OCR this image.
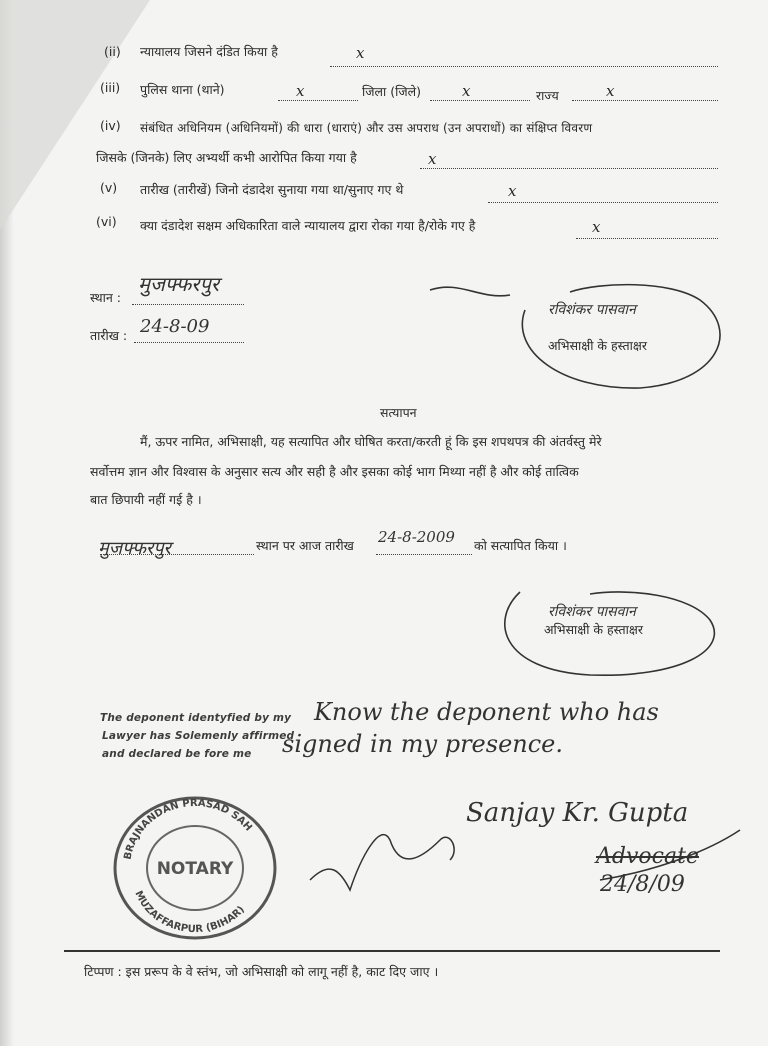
(ii) न्यायालय जिसने दंडित किया है	x
(iii) पुलिस थाना (थाने)	x	जिला (जिले)	x	राज्य	x
(iv) संबंधित अधिनियम (अधिनियमों) की धारा (धाराएं) और उस अपराध (उन अपराधों) का संक्षिप्त विवरण
जिसके (जिनके) लिए अभ्यर्थी कभी आरोपित किया गया है	x
(v) तारीख (तारीखें) जिनो दंडादेश सुनाया गया था/सुनाए गए थे	x
(vi) क्या दंडादेश सक्षम अधिकारिता वाले न्यायालय द्वारा रोका गया है/रोके गए है	x
स्थान :
मुजफ्फरपुर
तारीख : 24-8-09
रविशंकर पासवान
अभिसाक्षी के हस्ताक्षर
सत्यापन
मैं, ऊपर नामित, अभिसाक्षी, यह सत्यापित और घोषित करता/करती हूं कि इस शपथपत्र की अंतर्वस्तु मेरे
सर्वोत्तम ज्ञान और विश्वास के अनुसार सत्य और सही है और इसका कोई भाग मिथ्या नहीं है और कोई तात्विक
बात छिपायी नहीं गई है ।
मुजफ्फरपुर	स्थान पर आज तारीख 24-8-2009 को सत्यापित किया ।
रविशंकर पासवान
अभिसाक्षी के हस्ताक्षर
The deponent identyfied by my
Lawyer has Solemenly affirmed
and declared be fore me
Know the deponent who has
signed in my presence.
BRAJNANDAN PRASAD SAH
MUZAFFARPUR (BIHAR)
NOTARY
Sanjay Kr. Gupta
Advocate
24/8/09
टिप्पण : इस प्ररूप के वे स्तंभ, जो अभिसाक्षी को लागू नहीं है, काट दिए जाए ।
